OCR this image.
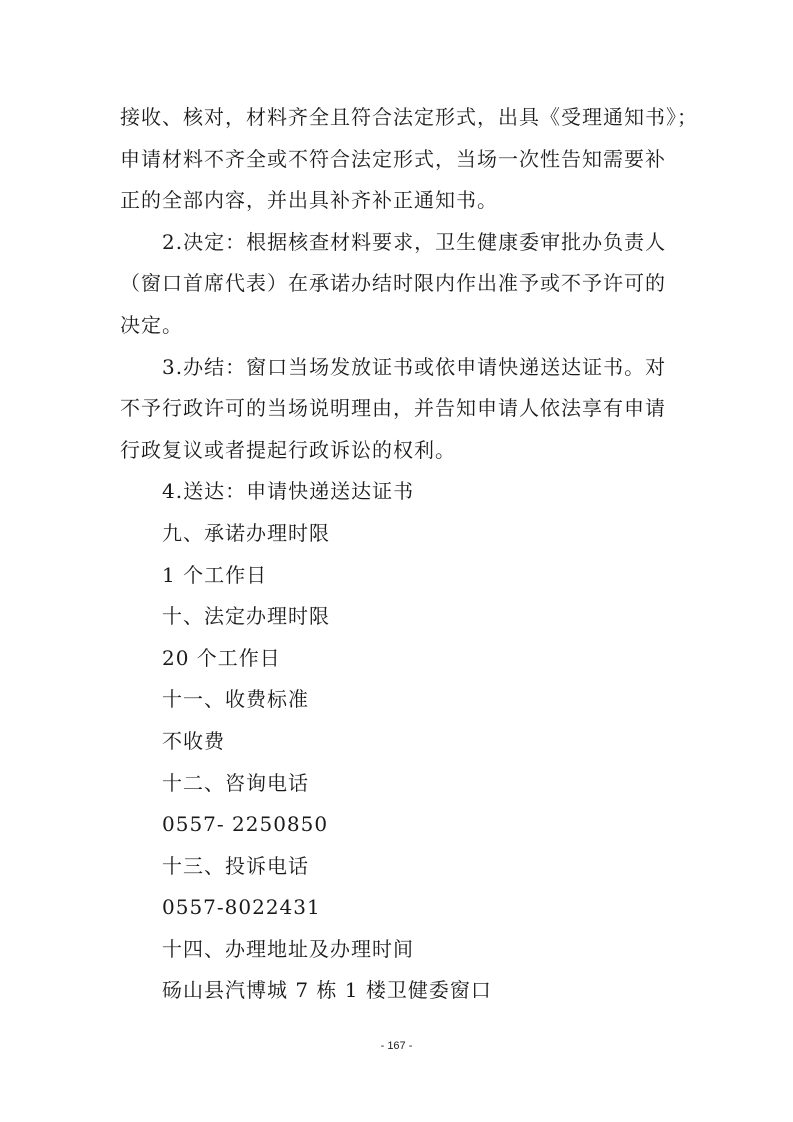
接收、核对，材料齐全且符合法定形式，出具《受理通知书》；
申请材料不齐全或不符合法定形式，当场一次性告知需要补
正的全部内容，并出具补齐补正通知书。
2.决定：根据核查材料要求，卫生健康委审批办负责人
（窗口首席代表）在承诺办结时限内作出准予或不予许可的
决定。
3.办结：窗口当场发放证书或依申请快递送达证书。对
不予行政许可的当场说明理由，并告知申请人依法享有申请
行政复议或者提起行政诉讼的权利。
4.送达：申请快递送达证书
九、承诺办理时限
1 个工作日
十、法定办理时限
20 个工作日
十一、收费标准
不收费
十二、咨询电话
0557- 2250850
十三、投诉电话
0557-8022431
十四、办理地址及办理时间
砀山县汽博城 7 栋 1 楼卫健委窗口
- 167 -
